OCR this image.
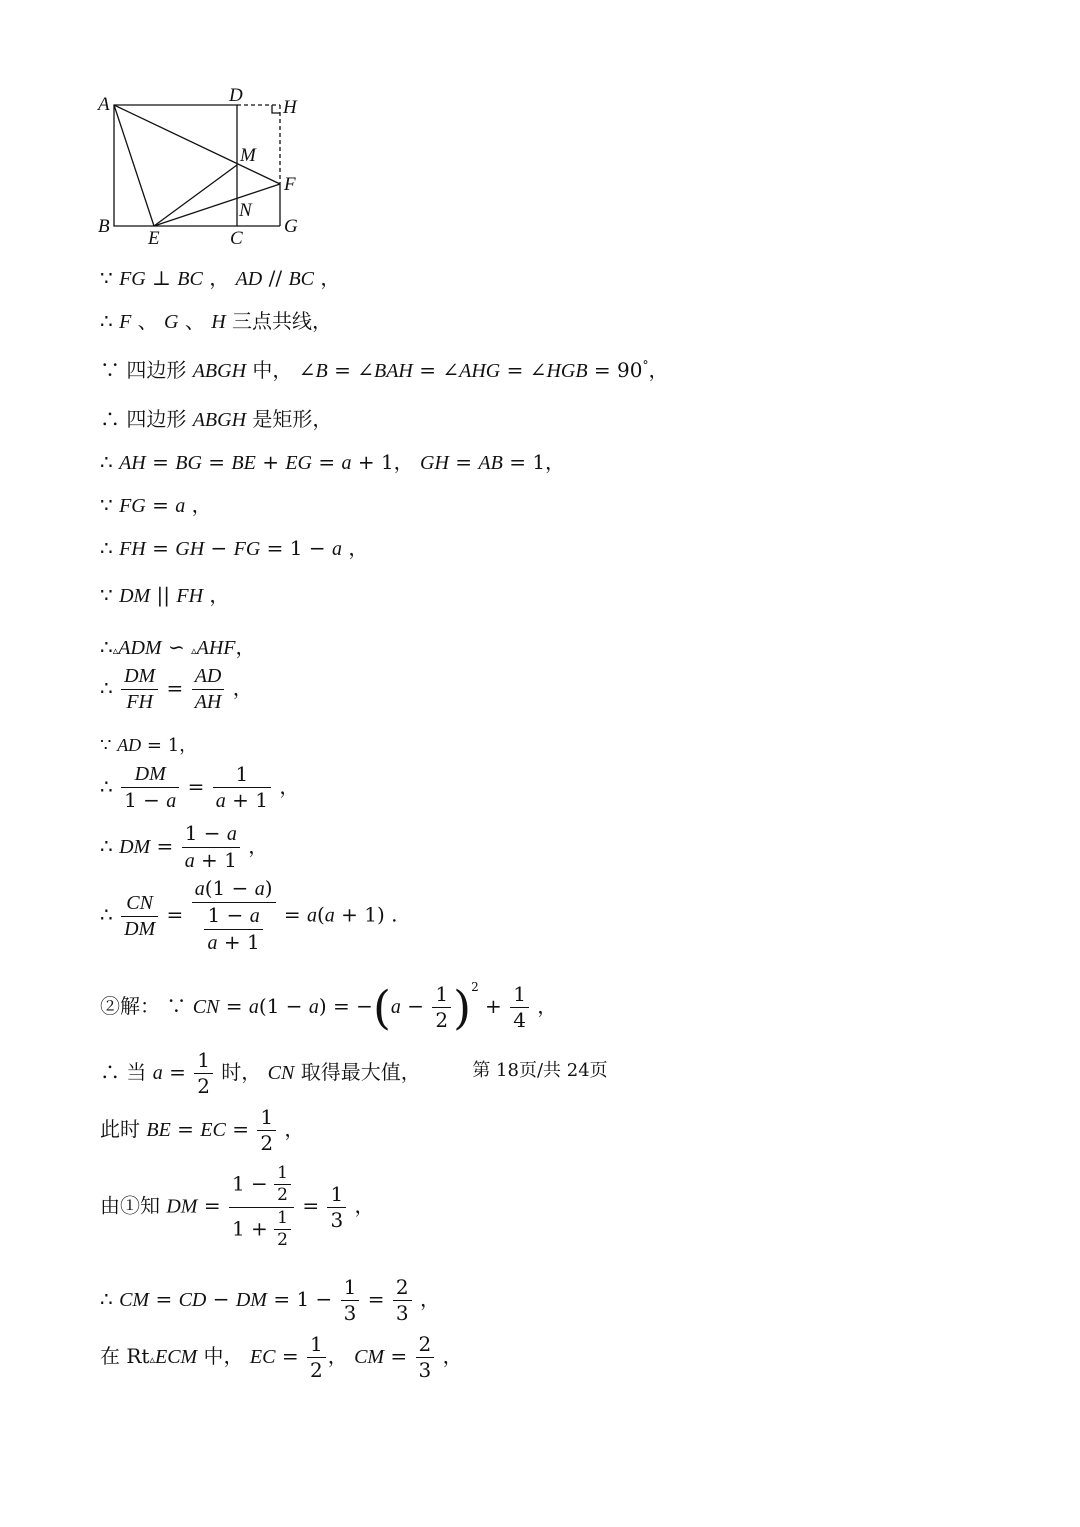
A	D
H
M
F
N
B
E	C
G
∵ FG ⊥ BC ， AD // BC ，
∴ F 、 G 、 H 三点共线，
∵ 四边形 ABGH 中， ∠B = ∠BAH = ∠AHG = ∠HGB = 90°，
∴ 四边形 ABGH 是矩形，
∴ AH = BG = BE + EG = a + 1， GH = AB = 1，
∵ FG = a ，
∴ FH = GH − FG = 1 − a ，
∵ DM || FH ，
∴▵ADM ∽ ▵AHF，
∴ $\frac{DM}{FH} = \frac{AD}{AH}$ ，
∵ AD = 1，
∴ $\frac{DM}{1 - a} = \frac{1}{a + 1}$ ，
∴ DM = $\frac{1 - a}{a + 1}$ ，
∴ $\frac{CN}{DM} = \frac{a(1 - a)}{\frac{1 - a}{a + 1}} = a(a + 1)$ .
②解： ∵ CN = $a(1 - a) = -(a - \frac{1}{2} )^2 + \frac{1}{4}$ ，
∴ 当 $a = \frac{1}{2}$ 时， CN 取得最大值，
此时 BE = EC = $\frac{1}{2}$ ，
由①知 DM = $\frac{1 - \frac{1}{2}}{1 + \frac{1}{2}} = \frac{1}{3}$ ，
∴ CM = CD − DM = $1 - \frac{1}{3} = \frac{2}{3}$ ，
在 Rt▵ECM 中， EC = $\frac{1}{2}$ ， CM = $\frac{2}{3}$ ，
第 18页/共 24页
